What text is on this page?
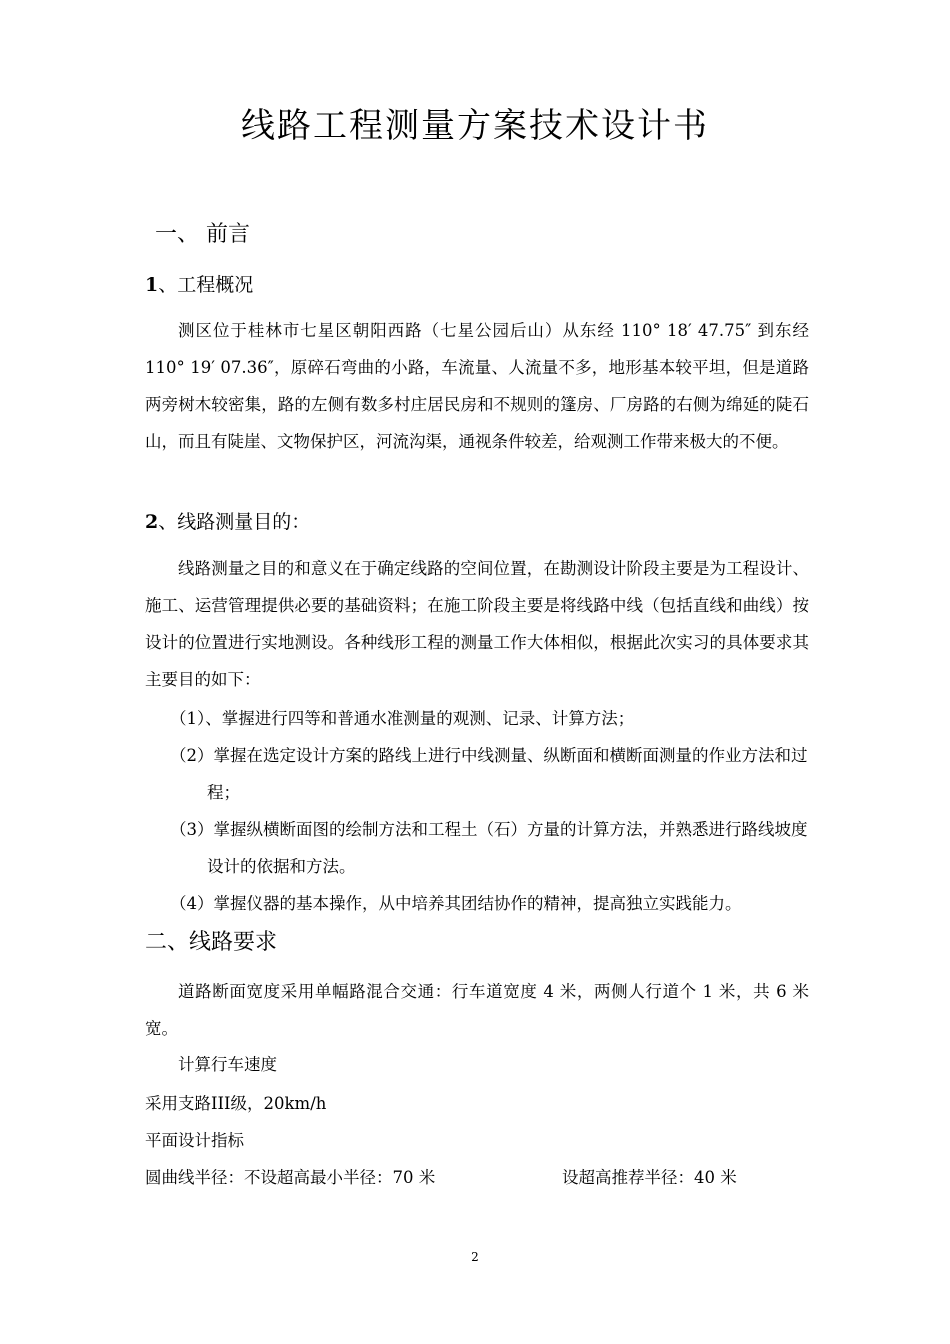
线路工程测量方案技术设计书
一、 前言
1、工程概况
测区位于桂林市七星区朝阳西路（七星公园后山）从东经 110° 18′ 47.75″ 到东经 110° 19′ 07.36″，原碎石弯曲的小路，车流量、人流量不多，地形基本较平坦，但是道路两旁树木较密集，路的左侧有数多村庄居民房和不规则的篷房、厂房路的右侧为绵延的陡石山，而且有陡崖、文物保护区，河流沟渠，通视条件较差，给观测工作带来极大的不便。
2、线路测量目的：
线路测量之目的和意义在于确定线路的空间位置，在勘测设计阶段主要是为工程设计、施工、运营管理提供必要的基础资料；在施工阶段主要是将线路中线（包括直线和曲线）按设计的位置进行实地测设。各种线形工程的测量工作大体相似，根据此次实习的具体要求其主要目的如下：
（1）、掌握进行四等和普通水准测量的观测、记录、计算方法；
（2）掌握在选定设计方案的路线上进行中线测量、纵断面和横断面测量的作业方法和过程；
（3）掌握纵横断面图的绘制方法和工程土（石）方量的计算方法，并熟悉进行路线坡度设计的依据和方法。
（4）掌握仪器的基本操作，从中培养其团结协作的精神，提高独立实践能力。
二、线路要求
道路断面宽度采用单幅路混合交通：行车道宽度 4 米，两侧人行道个 1 米，共 6 米宽。
计算行车速度
采用支路III级，20km/h
平面设计指标
圆曲线半径：不设超高最小半径：70 米	设超高推荐半径：40 米
2
